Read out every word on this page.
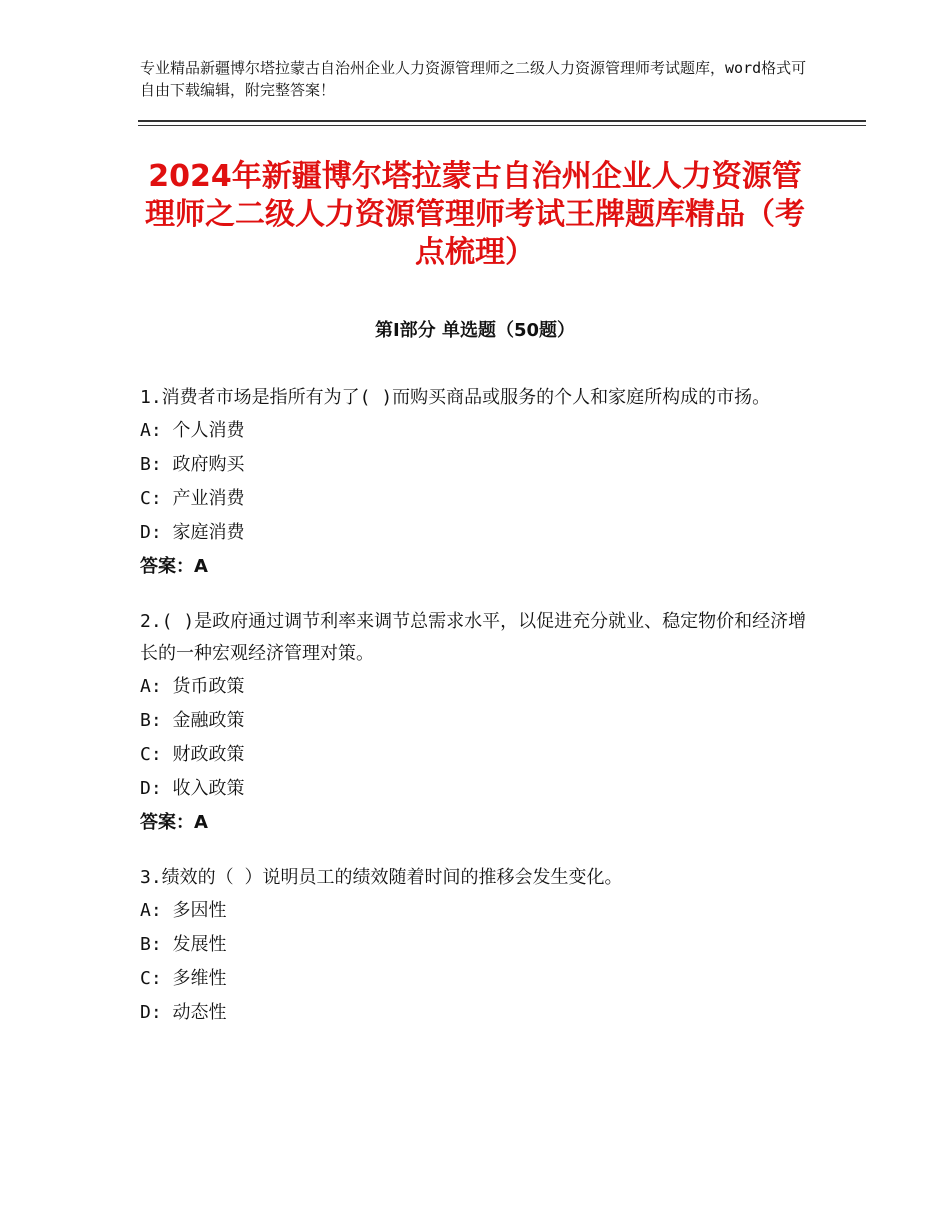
专业精品新疆博尔塔拉蒙古自治州企业人力资源管理师之二级人力资源管理师考试题库，word格式可自由下载编辑，附完整答案！
2024年新疆博尔塔拉蒙古自治州企业人力资源管理师之二级人力资源管理师考试王牌题库精品（考点梳理）
第Ⅰ部分 单选题（50题）
1.消费者市场是指所有为了( )而购买商品或服务的个人和家庭所构成的市扬。
A: 个人消费
B: 政府购买
C: 产业消费
D: 家庭消费
答案：A
2.( )是政府通过调节利率来调节总需求水平，以促进充分就业、稳定物价和经济增长的一种宏观经济管理对策。
A: 货币政策
B: 金融政策
C: 财政政策
D: 收入政策
答案：A
3.绩效的（ ）说明员工的绩效随着时间的推移会发生变化。
A: 多因性
B: 发展性
C: 多维性
D: 动态性
